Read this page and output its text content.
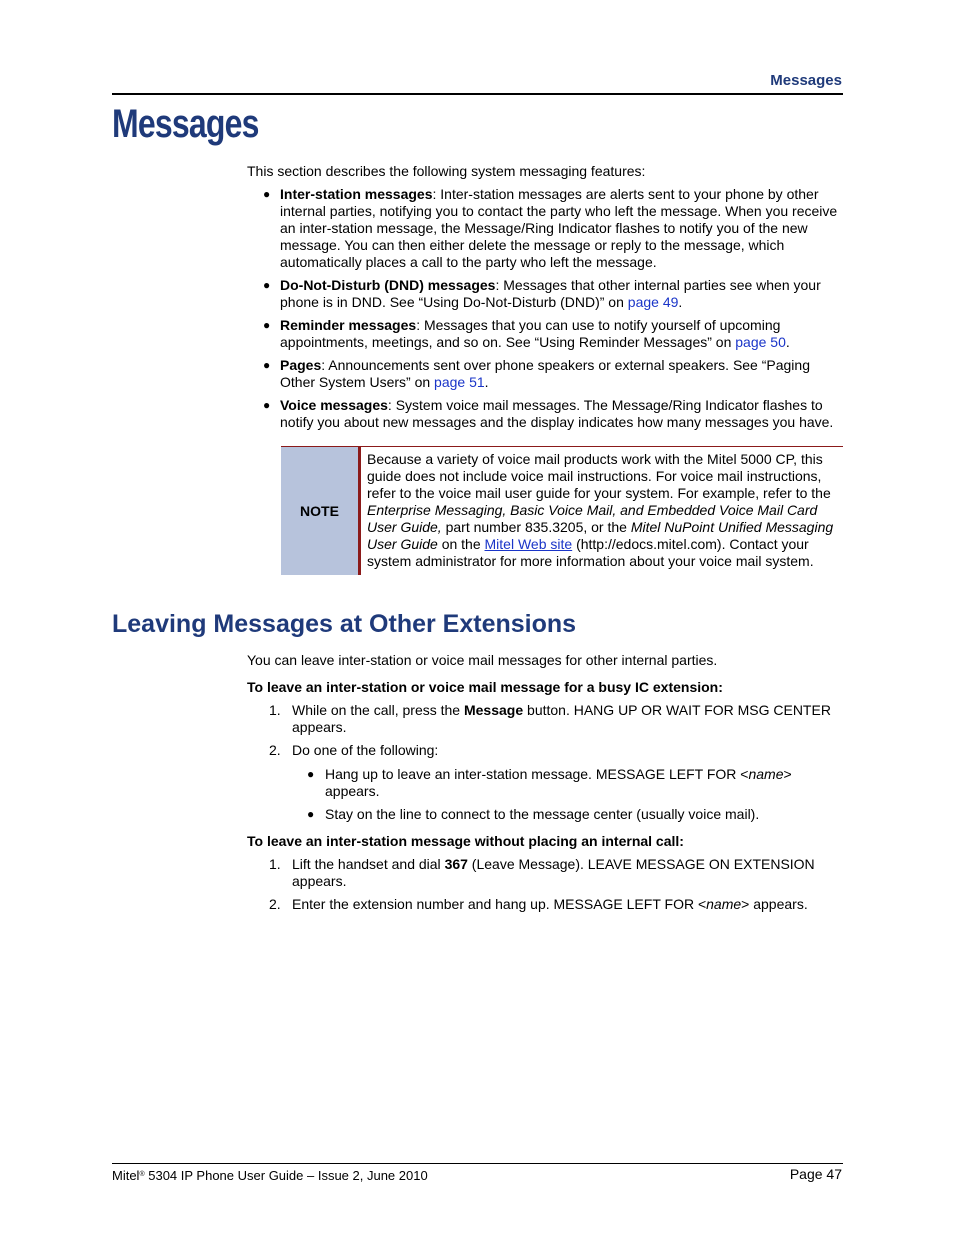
Messages
Messages

This section describes the following system messaging features:

● Inter-station messages: Inter-station messages are alerts sent to your phone by other internal parties, notifying you to contact the party who left the message. When you receive an inter-station message, the Message/Ring Indicator flashes to notify you of the new message. You can then either delete the message or reply to the message, which automatically places a call to the party who left the message.
● Do-Not-Disturb (DND) messages: Messages that other internal parties see when your phone is in DND. See “Using Do-Not-Disturb (DND)” on page 49.
● Reminder messages: Messages that you can use to notify yourself of upcoming appointments, meetings, and so on. See “Using Reminder Messages” on page 50.
● Pages: Announcements sent over phone speakers or external speakers. See “Paging Other System Users” on page 51.
● Voice messages: System voice mail messages. The Message/Ring Indicator flashes to notify you about new messages and the display indicates how many messages you have.
NOTE

Because a variety of voice mail products work with the Mitel 5000 CP, this guide does not include voice mail instructions. For voice mail instructions, refer to the voice mail user guide for your system. For example, refer to the Enterprise Messaging, Basic Voice Mail, and Embedded Voice Mail Card User Guide, part number 835.3205, or the Mitel NuPoint Unified Messaging User Guide on the Mitel Web site (http://edocs.mitel.com). Contact your system administrator for more information about your voice mail system.

Leaving Messages at Other Extensions

You can leave inter-station or voice mail messages for other internal parties.

To leave an inter-station or voice mail message for a busy IC extension:

1. While on the call, press the Message button. HANG UP OR WAIT FOR MSG CENTER appears.
2. Do one of the following:
● Hang up to leave an inter-station message. MESSAGE LEFT FOR <name> appears.
● Stay on the line to connect to the message center (usually voice mail).

To leave an inter-station message without placing an internal call:

1. Lift the handset and dial 367 (Leave Message). LEAVE MESSAGE ON EXTENSION appears.
2. Enter the extension number and hang up. MESSAGE LEFT FOR <name> appears.
Mitel® 5304 IP Phone User Guide – Issue 2, June 2010	Page 47
